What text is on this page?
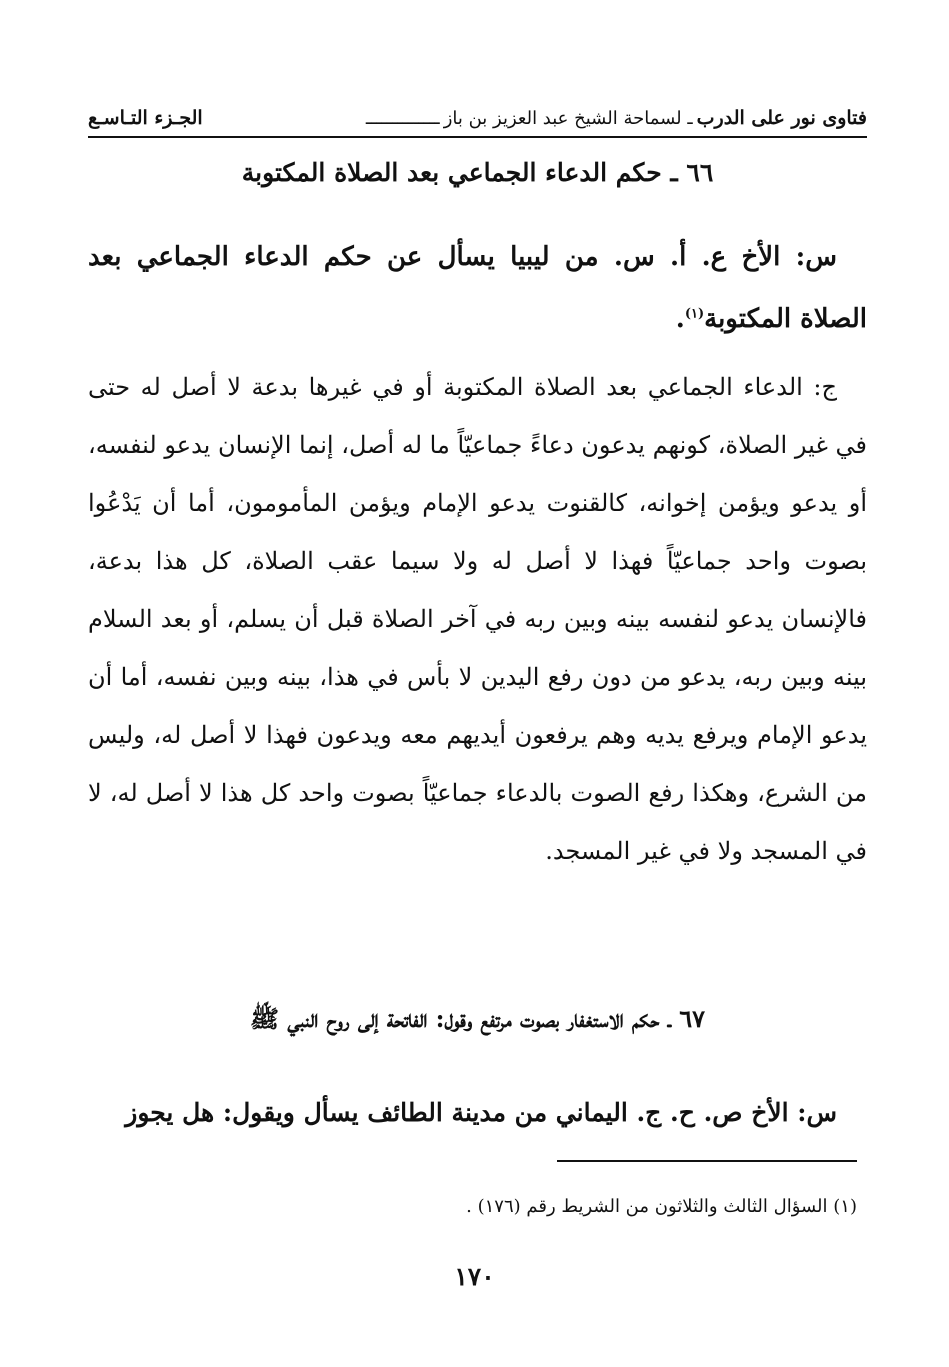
فتاوى نور على الدرب
ـ لسماحة الشيخ عبد العزيز بن باز
ــــــــــــــ
الجـزء التـاسـع
٦٦ ـ حكم الدعاء الجماعي بعد الصلاة المكتوبة
س: الأخ ع. أ. س. من ليبيا يسأل عن حكم الدعاء الجماعي بعد الصلاة المكتوبة$^{(١)}$.
ج: الدعاء الجماعي بعد الصلاة المكتوبة أو في غيرها بدعة لا أصل له حتى في غير الصلاة، كونهم يدعون دعاءً جماعيّاً ما له أصل، إنما الإنسان يدعو لنفسه، أو يدعو ويؤمن إخوانه، كالقنوت يدعو الإمام ويؤمن المأمومون، أما أن يَدْعُوا بصوت واحد جماعيّاً فهذا لا أصل له ولا سيما عقب الصلاة، كل هذا بدعة، فالإنسان يدعو لنفسه بينه وبين ربه في آخر الصلاة قبل أن يسلم، أو بعد السلام بينه وبين ربه، يدعو من دون رفع اليدين لا بأس في هذا، بينه وبين نفسه، أما أن يدعو الإمام ويرفع يديه وهم يرفعون أيديهم معه ويدعون فهذا لا أصل له، وليس من الشرع، وهكذا رفع الصوت بالدعاء جماعيّاً بصوت واحد كل هذا لا أصل له، لا في المسجد ولا في غير المسجد.
٦٧ ـ حكم الاستغفار بصوت مرتفع وقول: الفاتحة إلى روح النبي ﷺ
س: الأخ ص. ح. ج. اليماني من مدينة الطائف يسأل ويقول: هل يجوز
(١) السؤال الثالث والثلاثون من الشريط رقم (١٧٦) .
١٧٠
